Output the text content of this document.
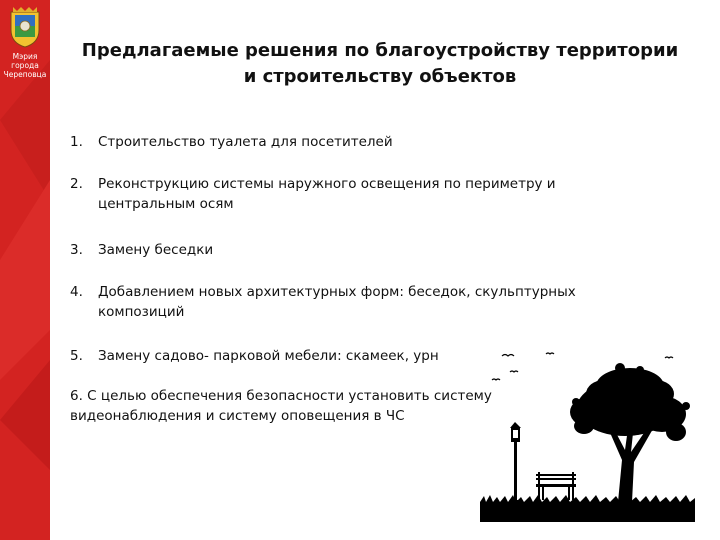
Мэрия
города
Череповца
Предлагаемые решения по благоустройству территории
и строительству объектов
1. Строительство туалета для посетителей
2. Реконструкцию системы наружного освещения по периметру и
центральным осям
3. Замену беседки
4. Добавлением новых архитектурных форм: беседок, скульптурных
композиций
5. Замену садово- парковой мебели: скамеек, урн
6. С целью обеспечения безопасности установить систему
видеонаблюдения и систему оповещения в ЧС
